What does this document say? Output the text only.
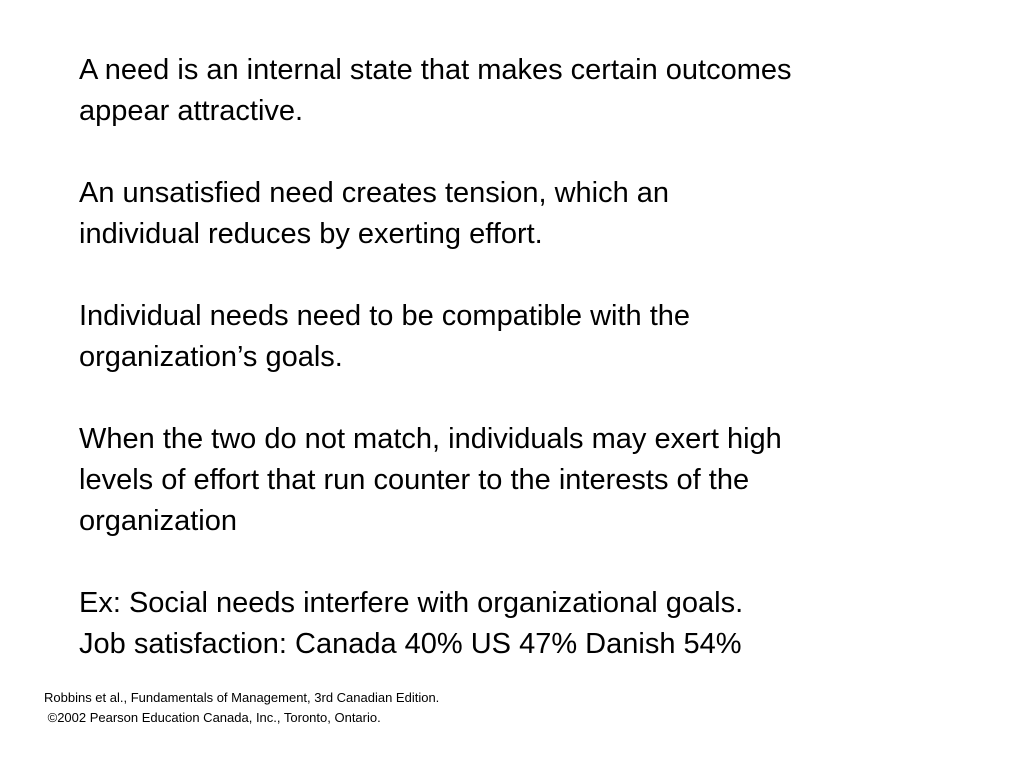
A need is an internal state that makes certain outcomes
appear attractive.

An unsatisfied need creates tension, which an
individual reduces by exerting effort.

Individual needs need to be compatible with the
organization’s goals.

When the two do not match, individuals may exert high
levels of effort that run counter to the interests of the
organization

Ex: Social needs interfere with organizational goals.
Job satisfaction: Canada 40% US 47% Danish 54%

Robbins et al., Fundamentals of Management, 3rd Canadian Edition.
©2002 Pearson Education Canada, Inc., Toronto, Ontario.
